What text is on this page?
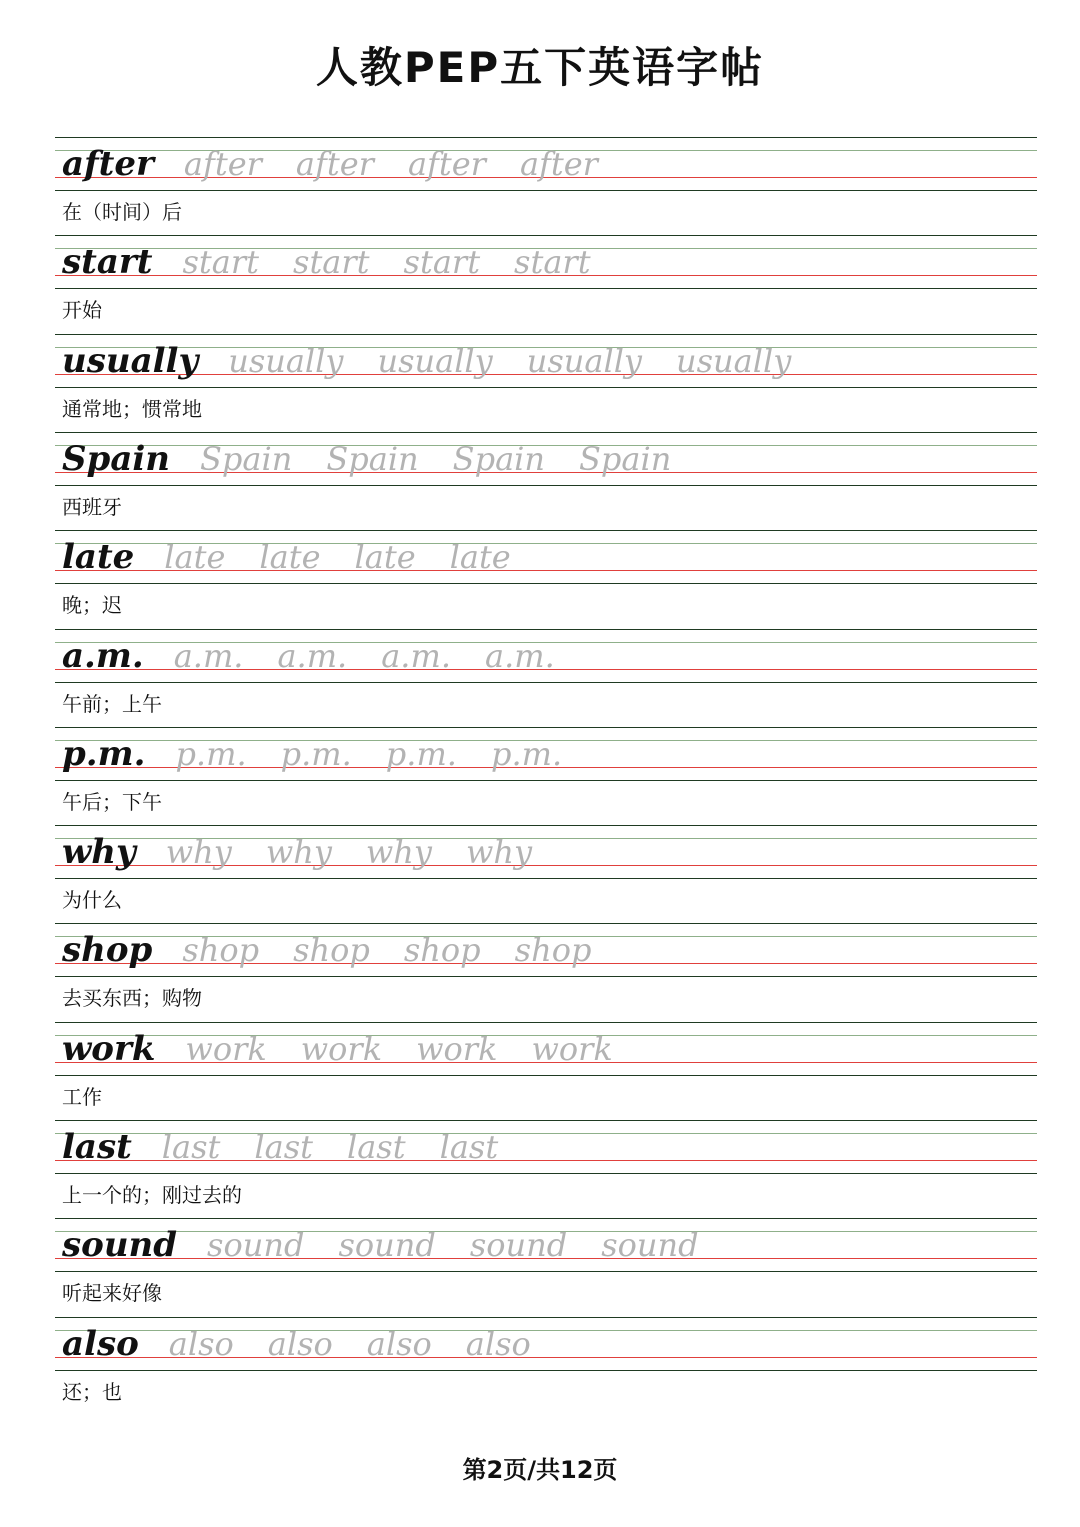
人教PEP五下英语字帖
after after after after after
在（时间）后
start start start start start
开始
usually usually usually usually usually
通常地；惯常地
Spain Spain Spain Spain Spain
西班牙
late late late late late
晚；迟
a.m. a.m. a.m. a.m. a.m.
午前；上午
p.m. p.m. p.m. p.m. p.m.
午后；下午
why why why why why
为什么
shop shop shop shop shop
去买东西；购物
work work work work work
工作
last last last last last
上一个的；刚过去的
sound sound sound sound sound
听起来好像
also also also also also
还；也
第2页/共12页
